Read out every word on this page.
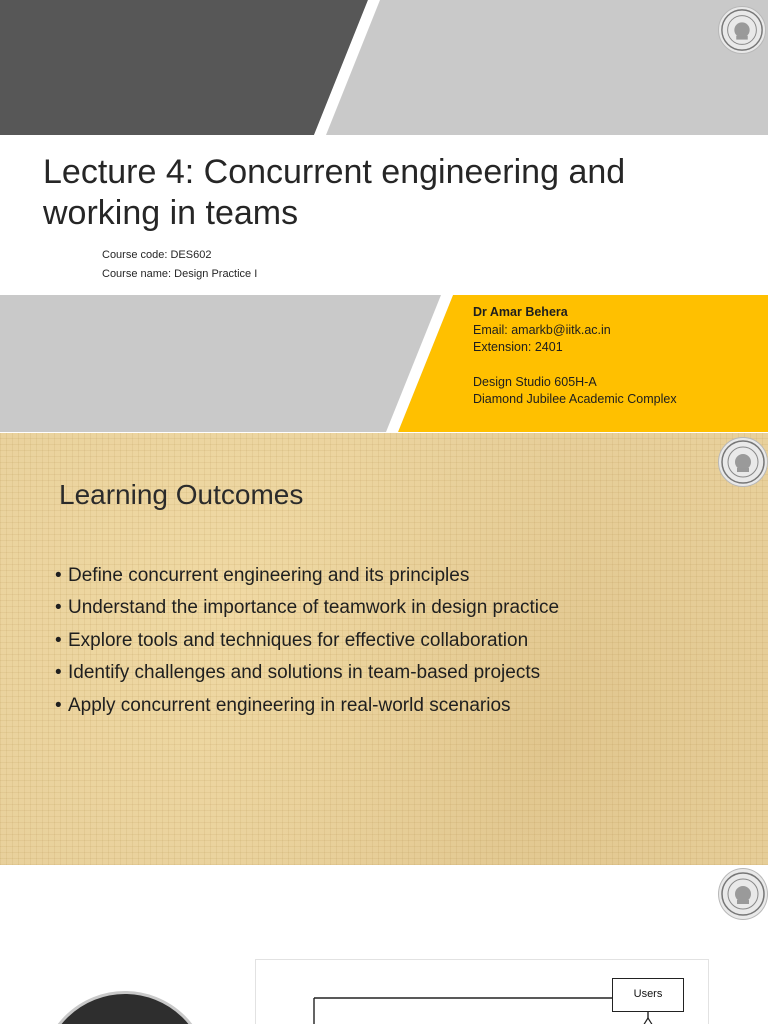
Lecture 4: Concurrent engineering and working in teams
Course code: DES602
Course name: Design Practice I
Dr Amar Behera
Email: amarkb@iitk.ac.in
Extension: 2401
Design Studio 605H-A
Diamond Jubilee Academic Complex
Learning Outcomes
• Define concurrent engineering and its principles
• Understand the importance of teamwork in design practice
• Explore tools and techniques for effective collaboration
• Identify challenges and solutions in team-based projects
• Apply concurrent engineering in real-world scenarios
Users
